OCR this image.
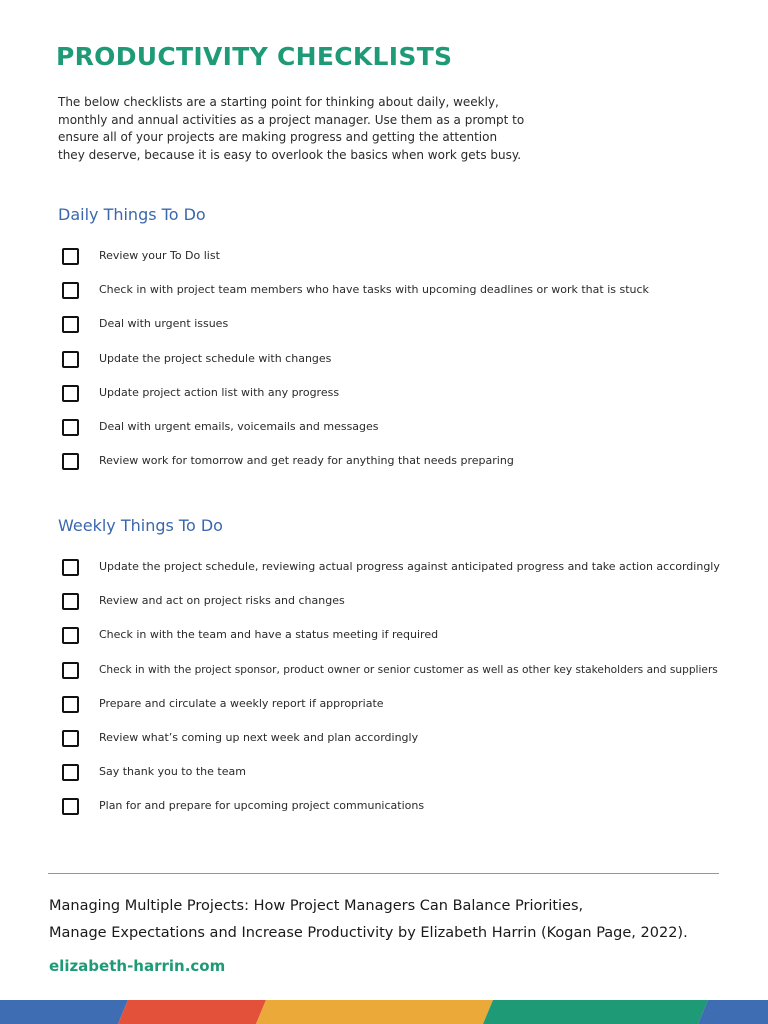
PRODUCTIVITY CHECKLISTS

The below checklists are a starting point for thinking about daily, weekly,
monthly and annual activities as a project manager. Use them as a prompt to
ensure all of your projects are making progress and getting the attention
they deserve, because it is easy to overlook the basics when work gets busy.

Daily Things To Do
Review your To Do list
Check in with project team members who have tasks with upcoming deadlines or work that is stuck
Deal with urgent issues
Update the project schedule with changes
Update project action list with any progress
Deal with urgent emails, voicemails and messages
Review work for tomorrow and get ready for anything that needs preparing
Weekly Things To Do
Update the project schedule, reviewing actual progress against anticipated progress and take action accordingly
Review and act on project risks and changes
Check in with the team and have a status meeting if required
Check in with the project sponsor, product owner or senior customer as well as other key stakeholders and suppliers
Prepare and circulate a weekly report if appropriate
Review what’s coming up next week and plan accordingly
Say thank you to the team
Plan for and prepare for upcoming project communications

Managing Multiple Projects: How Project Managers Can Balance Priorities,
Manage Expectations and Increase Productivity by Elizabeth Harrin (Kogan Page, 2022).

elizabeth-harrin.com
